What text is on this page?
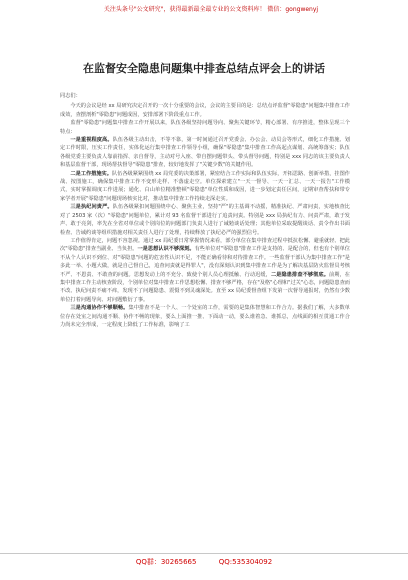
关注头条号"公文研究"，获得最新最全最专业的公文资料库！ 微信：gongwenyj
在监督安全隐患问题集中排查总结点评会上的讲话

同志们：

今天的会议是经 xx 局研究决定召开的一次十分重要的会议，会议的主要目的是：总结点评监督"零隐患"问题集中排查工作成效，查摆剖析"零隐患"问题成因，安排部署下阶段重点工作。

监督"零隐患"问题集中排查工作开展以来，队伍各级坚持问题导向、聚焦关键环节，精心部署、有序推进，整体呈现三个特点：

一是重视程度高。队伍各级主动出击，不等不靠，第一时间通过召开党委会、办公会、动员会等形式，细化工作措施、划定工作时限，压实工作责任，实体化运行集中排查工作领导小组，确保"零隐患"集中排查工作高起点谋划、高统筹落实；队伍各级党委主要负责人靠前指挥、亲自督导，主动对号入座、带自摆问题带头、带头督导问题，特别是 xxx 同志的该主要负责人和基层监督干部，现场帮扶督导"零隐患"排查，较好地发挥了"关键少数"的关键作用。

二是工作措施实。队伍各级紧紧围绕 xx 局党委的决策部署，紧密结合工作实际和队伍实际，开拓思路、创新举措，挂图作战、按图施工，确保集中排查工作不变形走样、不落虚走空。单位探索建立"一天一督导、一天一汇总、一天一报告"工作模式，实时掌握调度工作进展；通化、白山单位精准整顿"零隐患"单位性质和成因，进一步划定责任区间，定期审查帮扶和带专家学者开展"零隐患"问题现场核实比对，推动集中排查工作持续走深走实。

三是执纪问责严。队伍各级紧扣问题围绕中心、聚焦主业，坚持"严"的主基调不动摇，精准执纪、严肃问责，实地核查比对了 2503 家（次）"零隐患"问题单位，累计对 93 名监督干部进行了追责问责。特别是 xxx 局执纪有力、问责严肃，敢于发声、敢于亮剑，率先在全省对单位或个别岗位的问题部门负责人进行了诫勉谈话处理；其他单位采取提醒谈话、责令作出书面检查、告诫约谈等组织措施对相关责任人进行了处理，持续释放了执纪必严的强烈信号。

工作值得肯定，问题不容忽视。通过 xx 局纪委日常掌握情况来看，部分单位在集中排查过程中抵抗松懈、避重就轻、把此次"零隐患"排查当副业、当负担。一是思想认识不够深刻。有些单位对"零隐患"排查工作是支持的、是配合的，但也有个别单位不从个人认识不到位、对"零隐患"问题的危害性认识不足，不能正确看待和对待排查工作。一些监督干部认为集中排查工作"是多此一举、小题大做，就是自己督自己，追查问责就是得罪人"，没有深刻认识到集中排查工作是为了解决基层防火监督员考核不严、不恩责、不敢查的问题。思想发动上的不充分、致使个别人员心理抵触、行动迟缓，二是隐患排查不够彻底。前期，在集中排查工作主动核查阶段，个别单位对集中排查工作思想松懈、排查不够严格，存在"及格"心理和"过关"心态，问题隐患查而不改、执纪问责不痛不痒，发现不了问题隐患、震慑不到灵魂深处。直至 xx 局纪委督查组下发第一次督导通报时，仍然有少数单位打着问题导向、对问题敷衍了事。

三是沟通协作不够顺畅。集中排查不是一个人、一个处室的工作，需要的是集体智慧和工作合力。据我们了解，大多数单位存在处室之间沟通不顺、协作不畅的现象，要么上面推一推、下面动一动，要么谁着急、谁抓总，点线面的相互贯通工作合力尚未完全形成，一定程度上降低了工作标准，影响了工

QQ群：30265665	QQ:535304092
